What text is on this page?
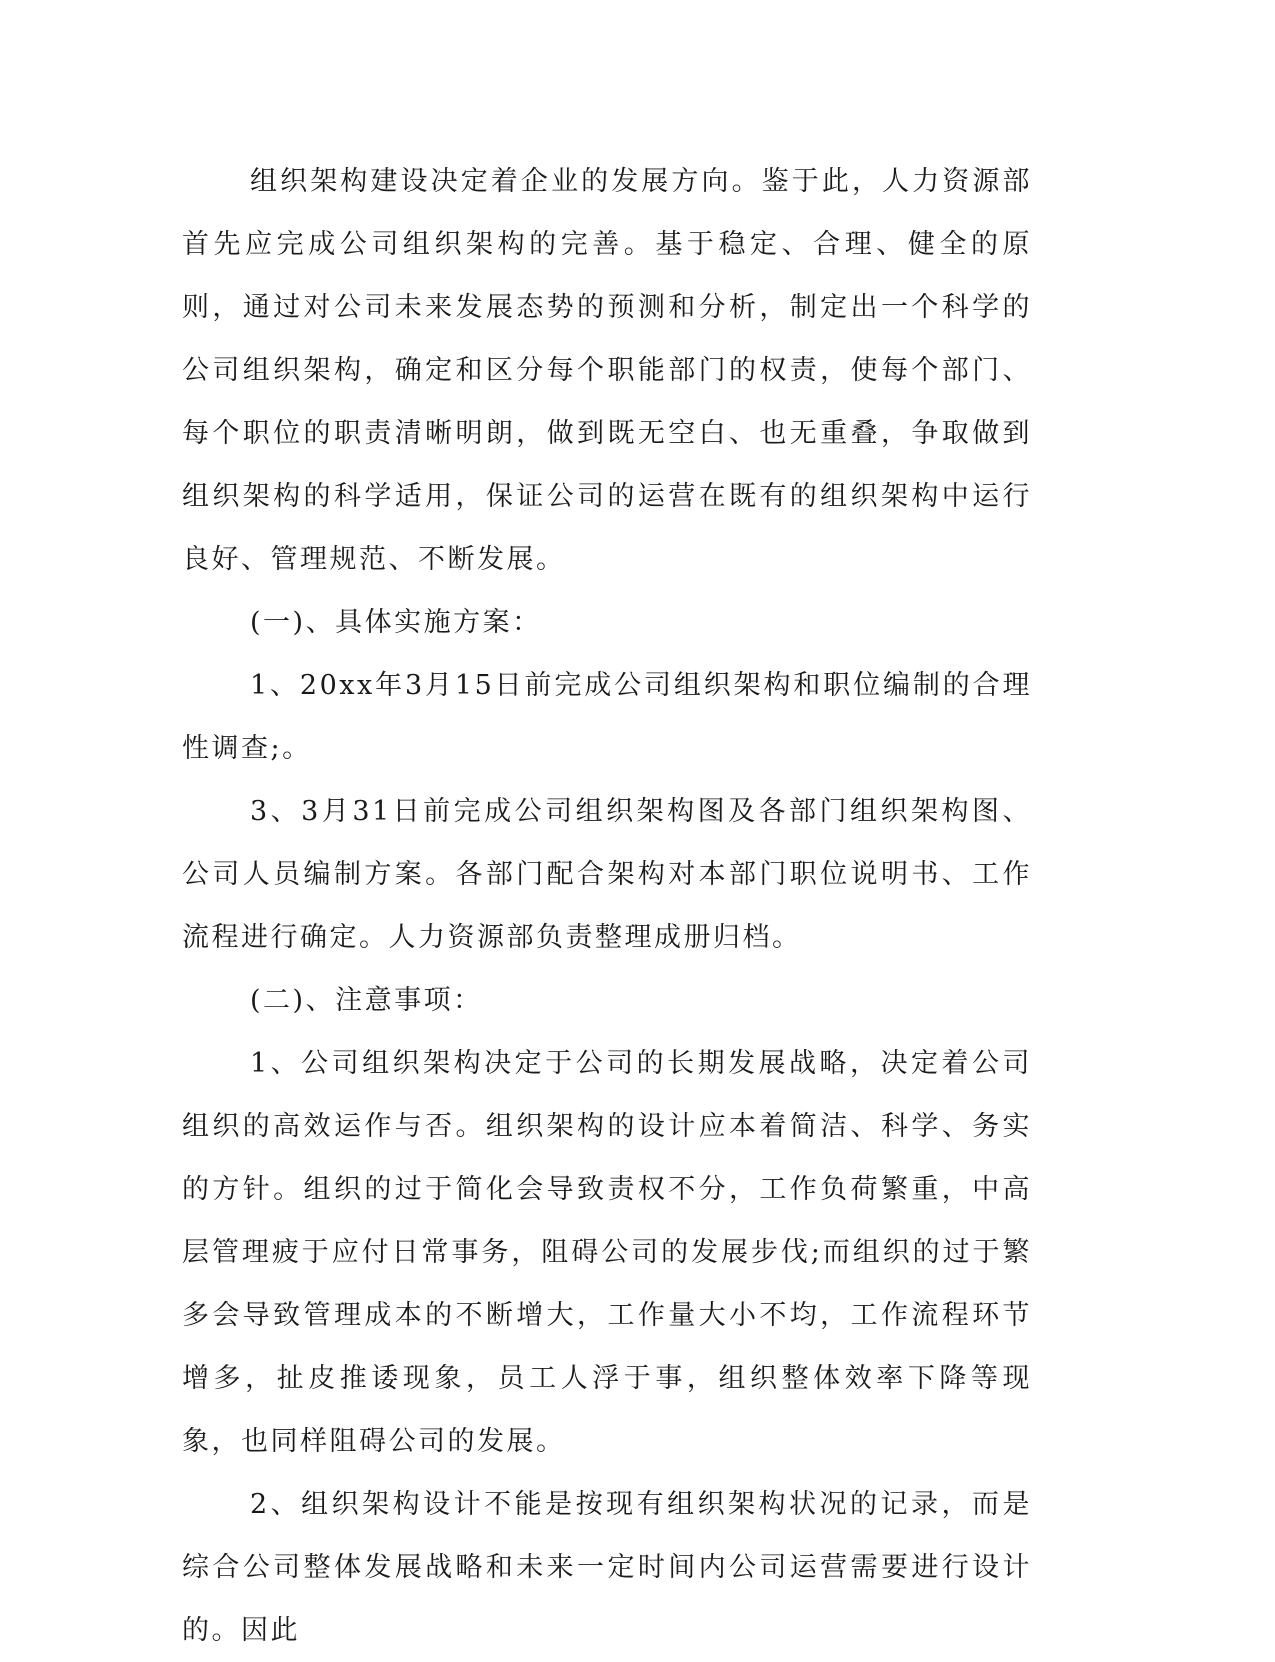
组织架构建设决定着企业的发展方向。鉴于此，人力资源部首先应完成公司组织架构的完善。基于稳定、合理、健全的原则，通过对公司未来发展态势的预测和分析，制定出一个科学的公司组织架构，确定和区分每个职能部门的权责，使每个部门、每个职位的职责清晰明朗，做到既无空白、也无重叠，争取做到组织架构的科学适用，保证公司的运营在既有的组织架构中运行良好、管理规范、不断发展。

(一)、具体实施方案：

1、20xx年3月15日前完成公司组织架构和职位编制的合理性调查;。

3、3月31日前完成公司组织架构图及各部门组织架构图、公司人员编制方案。各部门配合架构对本部门职位说明书、工作流程进行确定。人力资源部负责整理成册归档。

(二)、注意事项：

1、公司组织架构决定于公司的长期发展战略，决定着公司组织的高效运作与否。组织架构的设计应本着简洁、科学、务实的方针。组织的过于简化会导致责权不分，工作负荷繁重，中高层管理疲于应付日常事务，阻碍公司的发展步伐;而组织的过于繁多会导致管理成本的不断增大，工作量大小不均，工作流程环节增多，扯皮推诿现象，员工人浮于事，组织整体效率下降等现象，也同样阻碍公司的发展。

2、组织架构设计不能是按现有组织架构状况的记录，而是综合公司整体发展战略和未来一定时间内公司运营需要进行设计的。因此
